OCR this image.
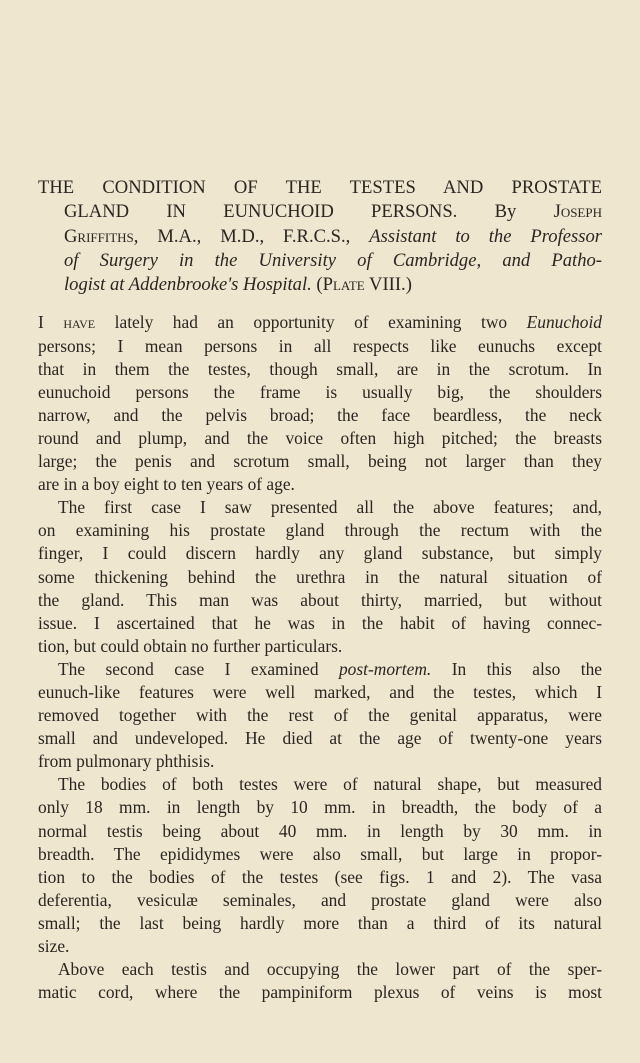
THE CONDITION OF THE TESTES AND PROSTATE
GLAND IN EUNUCHOID PERSONS. By Joseph
Griffiths, M.A., M.D., F.R.C.S., Assistant to the Professor
of Surgery in the University of Cambridge, and Patho-
logist at Addenbrooke's Hospital. (Plate VIII.)
I have lately had an opportunity of examining two Eunuchoid
persons; I mean persons in all respects like eunuchs except
that in them the testes, though small, are in the scrotum. In
eunuchoid persons the frame is usually big, the shoulders
narrow, and the pelvis broad; the face beardless, the neck
round and plump, and the voice often high pitched; the breasts
large; the penis and scrotum small, being not larger than they
are in a boy eight to ten years of age.
The first case I saw presented all the above features; and,
on examining his prostate gland through the rectum with the
finger, I could discern hardly any gland substance, but simply
some thickening behind the urethra in the natural situation of
the gland. This man was about thirty, married, but without
issue. I ascertained that he was in the habit of having connec-
tion, but could obtain no further particulars.
The second case I examined post-mortem. In this also the
eunuch-like features were well marked, and the testes, which I
removed together with the rest of the genital apparatus, were
small and undeveloped. He died at the age of twenty-one years
from pulmonary phthisis.
The bodies of both testes were of natural shape, but measured
only 18 mm. in length by 10 mm. in breadth, the body of a
normal testis being about 40 mm. in length by 30 mm. in
breadth. The epididymes were also small, but large in propor-
tion to the bodies of the testes (see figs. 1 and 2). The vasa
deferentia, vesiculæ seminales, and prostate gland were also
small; the last being hardly more than a third of its natural
size.
Above each testis and occupying the lower part of the sper-
matic cord, where the pampiniform plexus of veins is most
